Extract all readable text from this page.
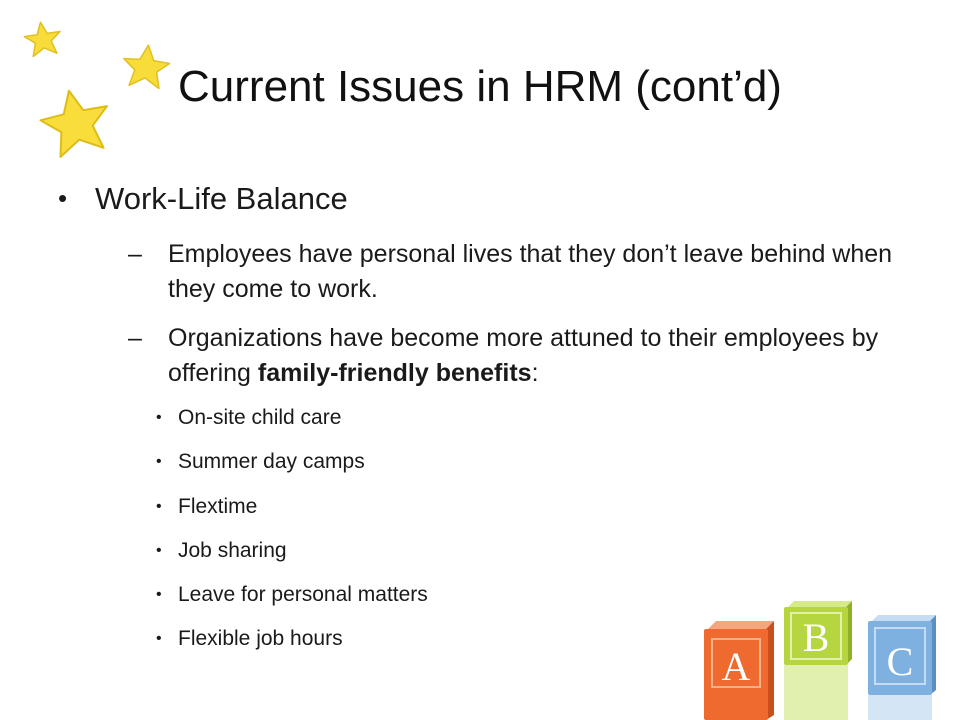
Current Issues in HRM (cont’d)
• Work-Life Balance
– Employees have personal lives that they don’t leave behind when they come to work.
– Organizations have become more attuned to their employees by offering family-friendly benefits:
• On-site child care
• Summer day camps
• Flextime
• Job sharing
• Leave for personal matters
• Flexible job hours
A
B
C
